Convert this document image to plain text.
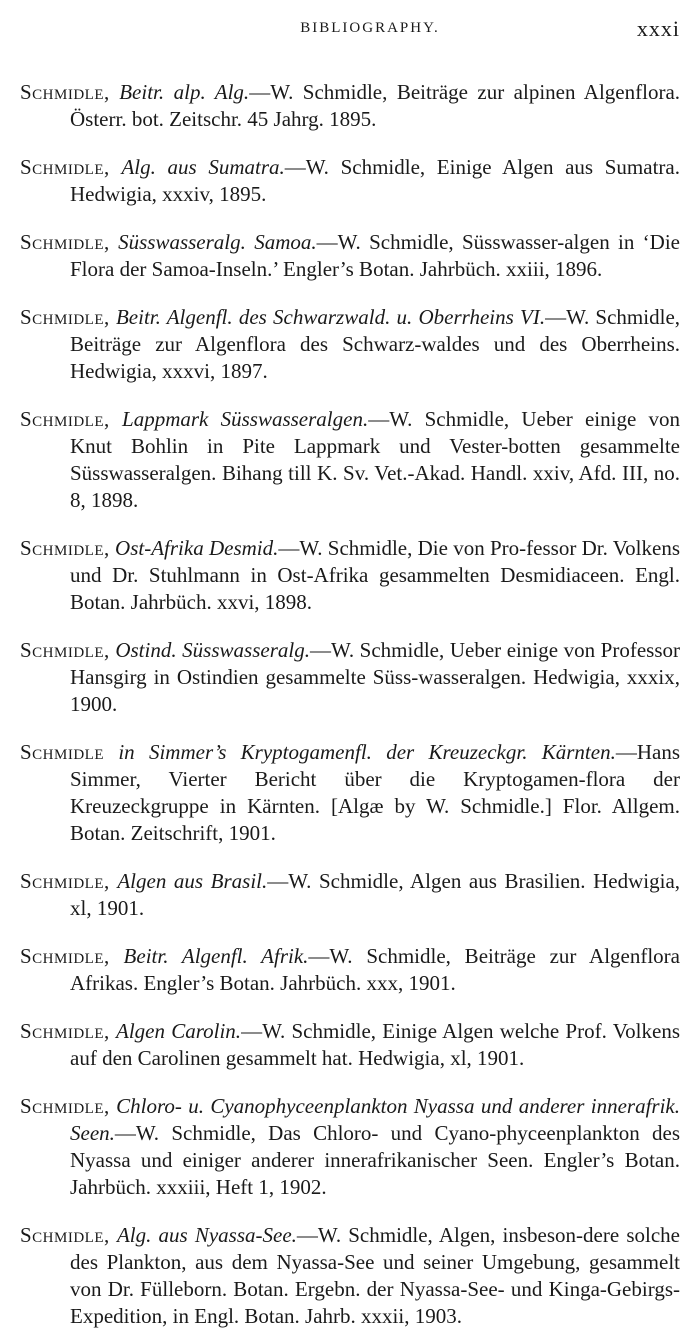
BIBLIOGRAPHY.	xxxi

Schmidle, Beitr. alp. Alg.—W. Schmidle, Beiträge zur alpinen Algenflora. Österr. bot. Zeitschr. 45 Jahrg. 1895.

Schmidle, Alg. aus Sumatra.—W. Schmidle, Einige Algen aus Sumatra. Hedwigia, xxxiv, 1895.

Schmidle, Süsswasseralg. Samoa.—W. Schmidle, Süsswasser-algen in ‘Die Flora der Samoa-Inseln.’ Engler’s Botan. Jahrbüch. xxiii, 1896.

Schmidle, Beitr. Algenfl. des Schwarzwald. u. Oberrheins VI.—W. Schmidle, Beiträge zur Algenflora des Schwarz-waldes und des Oberrheins. Hedwigia, xxxvi, 1897.

Schmidle, Lappmark Süsswasseralgen.—W. Schmidle, Ueber einige von Knut Bohlin in Pite Lappmark und Vester-botten gesammelte Süsswasseralgen. Bihang till K. Sv. Vet.-Akad. Handl. xxiv, Afd. III, no. 8, 1898.

Schmidle, Ost-Afrika Desmid.—W. Schmidle, Die von Pro-fessor Dr. Volkens und Dr. Stuhlmann in Ost-Afrika gesammelten Desmidiaceen. Engl. Botan. Jahrbüch. xxvi, 1898.

Schmidle, Ostind. Süsswasseralg.—W. Schmidle, Ueber einige von Professor Hansgirg in Ostindien gesammelte Süss-wasseralgen. Hedwigia, xxxix, 1900.

Schmidle in Simmer’s Kryptogamenfl. der Kreuzeckgr. Kärnten.—Hans Simmer, Vierter Bericht über die Kryptogamen-flora der Kreuzeckgruppe in Kärnten. [Algæ by W. Schmidle.] Flor. Allgem. Botan. Zeitschrift, 1901.

Schmidle, Algen aus Brasil.—W. Schmidle, Algen aus Brasilien. Hedwigia, xl, 1901.

Schmidle, Beitr. Algenfl. Afrik.—W. Schmidle, Beiträge zur Algenflora Afrikas. Engler’s Botan. Jahrbüch. xxx, 1901.

Schmidle, Algen Carolin.—W. Schmidle, Einige Algen welche Prof. Volkens auf den Carolinen gesammelt hat. Hedwigia, xl, 1901.

Schmidle, Chloro- u. Cyanophyceenplankton Nyassa und anderer innerafrik. Seen.—W. Schmidle, Das Chloro- und Cyano-phyceenplankton des Nyassa und einiger anderer innerafrikanischer Seen. Engler’s Botan. Jahrbüch. xxxiii, Heft 1, 1902.

Schmidle, Alg. aus Nyassa-See.—W. Schmidle, Algen, insbeson-dere solche des Plankton, aus dem Nyassa-See und seiner Umgebung, gesammelt von Dr. Fülleborn. Botan. Ergebn. der Nyassa-See- und Kinga-Gebirgs-Expedition, in Engl. Botan. Jahrb. xxxii, 1903.
